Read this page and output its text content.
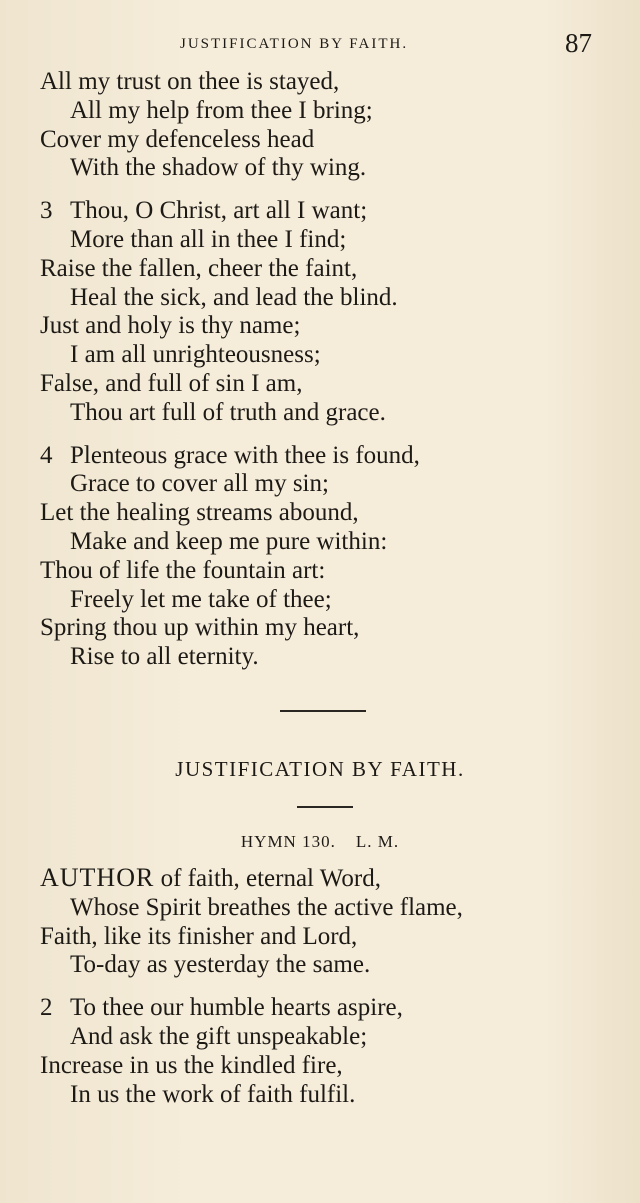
JUSTIFICATION BY FAITH.	87
All my trust on thee is stayed,
All my help from thee I bring;
Cover my defenceless head
With the shadow of thy wing.
3 Thou, O Christ, art all I want;
More than all in thee I find;
Raise the fallen, cheer the faint,
Heal the sick, and lead the blind.
Just and holy is thy name;
I am all unrighteousness;
False, and full of sin I am,
Thou art full of truth and grace.
4 Plenteous grace with thee is found,
Grace to cover all my sin;
Let the healing streams abound,
Make and keep me pure within:
Thou of life the fountain art:
Freely let me take of thee;
Spring thou up within my heart,
Rise to all eternity.
JUSTIFICATION BY FAITH.
HYMN 130. L. M.
AUTHOR of faith, eternal Word,
Whose Spirit breathes the active flame,
Faith, like its finisher and Lord,
To-day as yesterday the same.
2 To thee our humble hearts aspire,
And ask the gift unspeakable;
Increase in us the kindled fire,
In us the work of faith fulfil.
